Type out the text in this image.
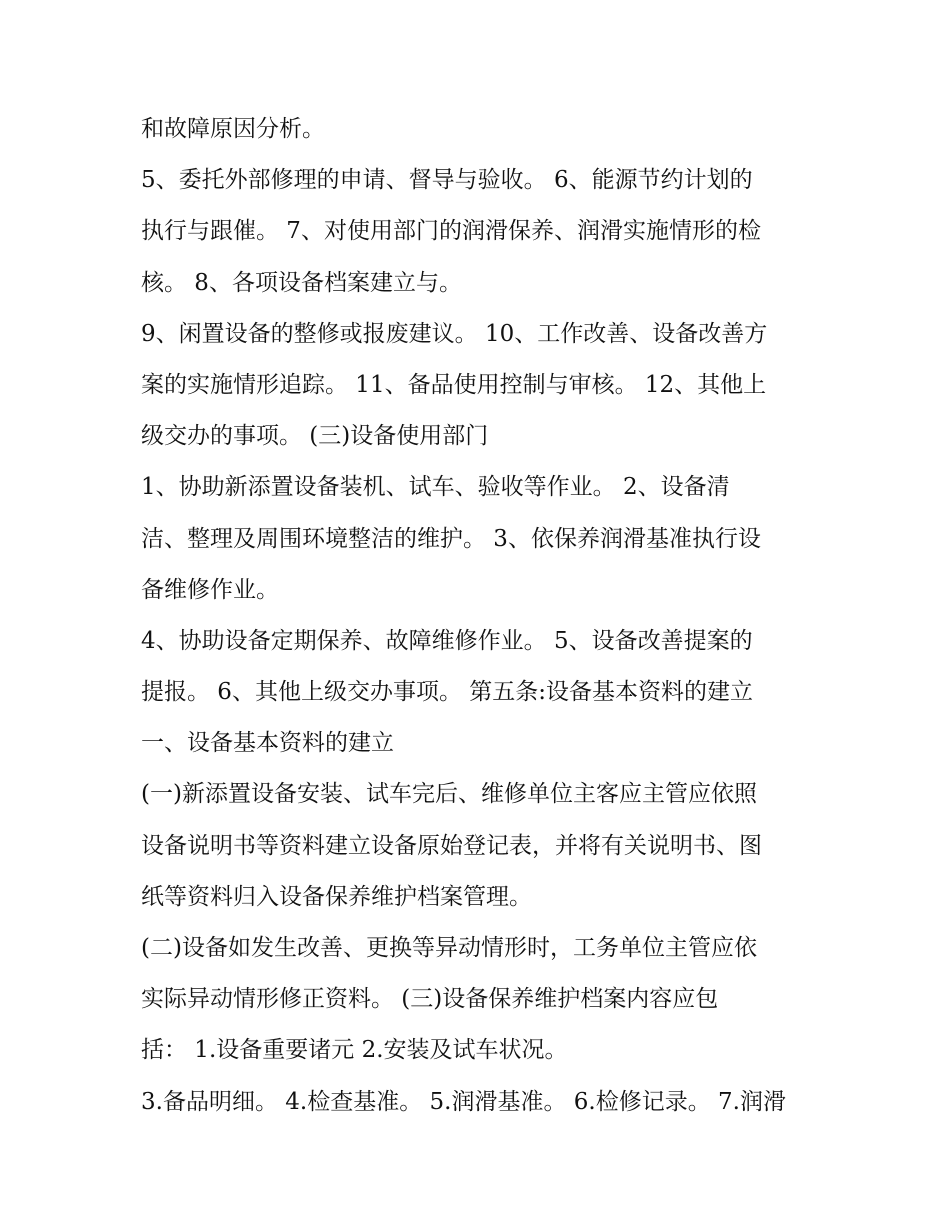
和故障原因分析。
5、委托外部修理的申请、督导与验收。 6、能源节约计划的
执行与跟催。 7、对使用部门的润滑保养、润滑实施情形的检
核。 8、各项设备档案建立与。
9、闲置设备的整修或报废建议。 10、工作改善、设备改善方
案的实施情形追踪。 11、备品使用控制与审核。 12、其他上
级交办的事项。 (三)设备使用部门
1、协助新添置设备装机、试车、验收等作业。 2、设备清
洁、整理及周围环境整洁的维护。 3、依保养润滑基准执行设
备维修作业。
4、协助设备定期保养、故障维修作业。 5、设备改善提案的
提报。 6、其他上级交办事项。 第五条:设备基本资料的建立
一、设备基本资料的建立
(一)新添置设备安装、试车完后、维修单位主客应主管应依照
设备说明书等资料建立设备原始登记表，并将有关说明书、图
纸等资料归入设备保养维护档案管理。
(二)设备如发生改善、更换等异动情形时，工务单位主管应依
实际异动情形修正资料。 (三)设备保养维护档案内容应包
括： 1.设备重要诸元 2.安装及试车状况。
3.备品明细。 4.检查基准。 5.润滑基准。 6.检修记录。 7.润滑
